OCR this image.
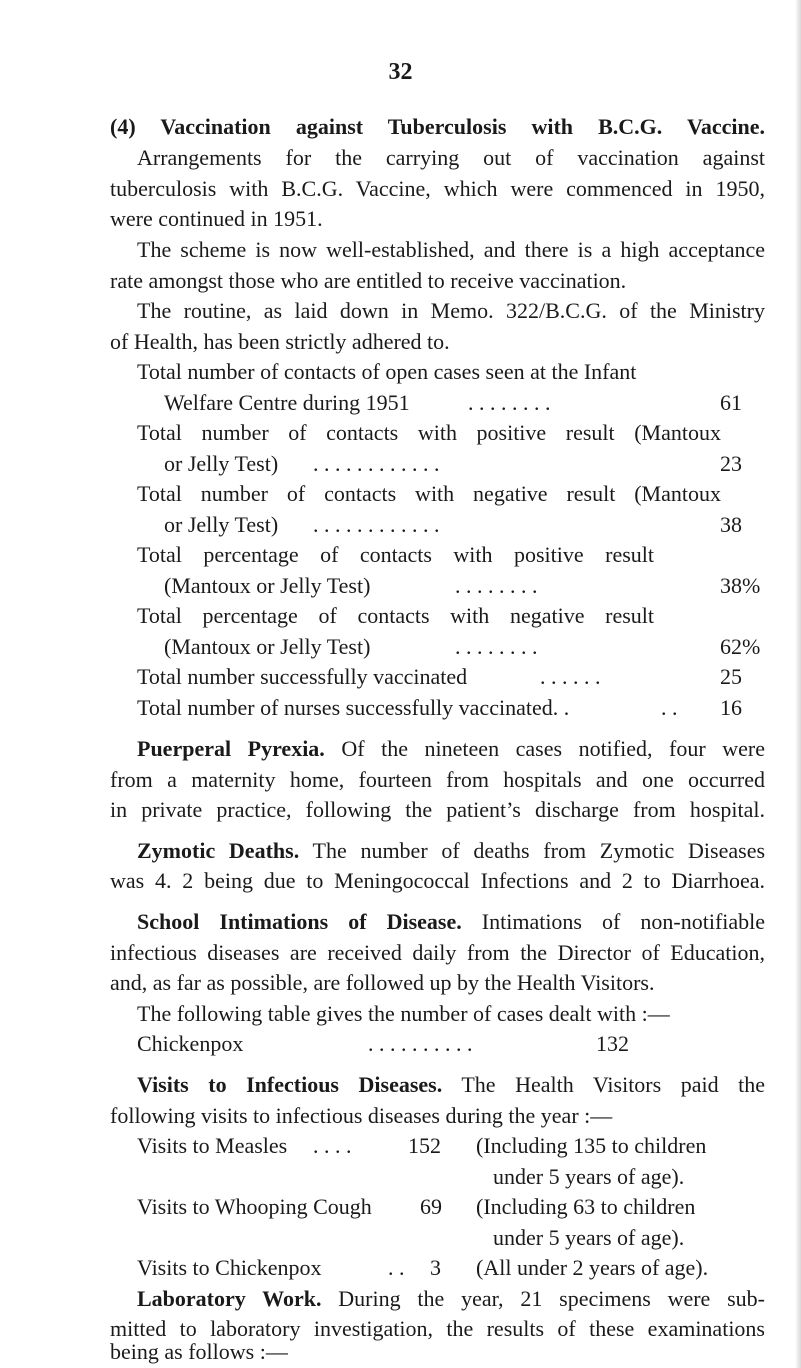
32
(4) Vaccination against Tuberculosis with B.C.G. Vaccine.
Arrangements for the carrying out of vaccination against
tuberculosis with B.C.G. Vaccine, which were commenced in 1950,
were continued in 1951.
The scheme is now well-established, and there is a high acceptance
rate amongst those who are entitled to receive vaccination.
The routine, as laid down in Memo. 322/B.C.G. of the Ministry
of Health, has been strictly adhered to.
Total number of contacts of open cases seen at the Infant
Welfare Centre during 1951	. . . . . . . .	61
Total number of contacts with positive result (Mantoux
or Jelly Test) . . . . . . . . . . . .	23
Total number of contacts with negative result (Mantoux
or Jelly Test) . . . . . . . . . . . .	38
Total percentage of contacts with positive result
(Mantoux or Jelly Test)	. . . . . . . .	38%
Total percentage of contacts with negative result
(Mantoux or Jelly Test)	. . . . . . . .	62%
Total number successfully vaccinated	. . . . . .	25
Total number of nurses successfully vaccinated. .	. . 16
Puerperal Pyrexia. Of the nineteen cases notified, four were
from a maternity home, fourteen from hospitals and one occurred
in private practice, following the patient’s discharge from hospital.
Zymotic Deaths. The number of deaths from Zymotic Diseases
was 4. 2 being due to Meningococcal Infections and 2 to Diarrhoea.
School Intimations of Disease. Intimations of non-notifiable
infectious diseases are received daily from the Director of Education,
and, as far as possible, are followed up by the Health Visitors.
The following table gives the number of cases dealt with :—
Chickenpox	. . . . . . . . . .	132
Visits to Infectious Diseases. The Health Visitors paid the
following visits to infectious diseases during the year :—
Visits to Measles . . . .	152 (Including 135 to children
under 5 years of age).
Visits to Whooping Cough 69 (Including 63 to children
under 5 years of age).
Visits to Chickenpox	. . 3 (All under 2 years of age).
Laboratory Work. During the year, 21 specimens were sub-
mitted to laboratory investigation, the results of these examinations
being as follows :—
